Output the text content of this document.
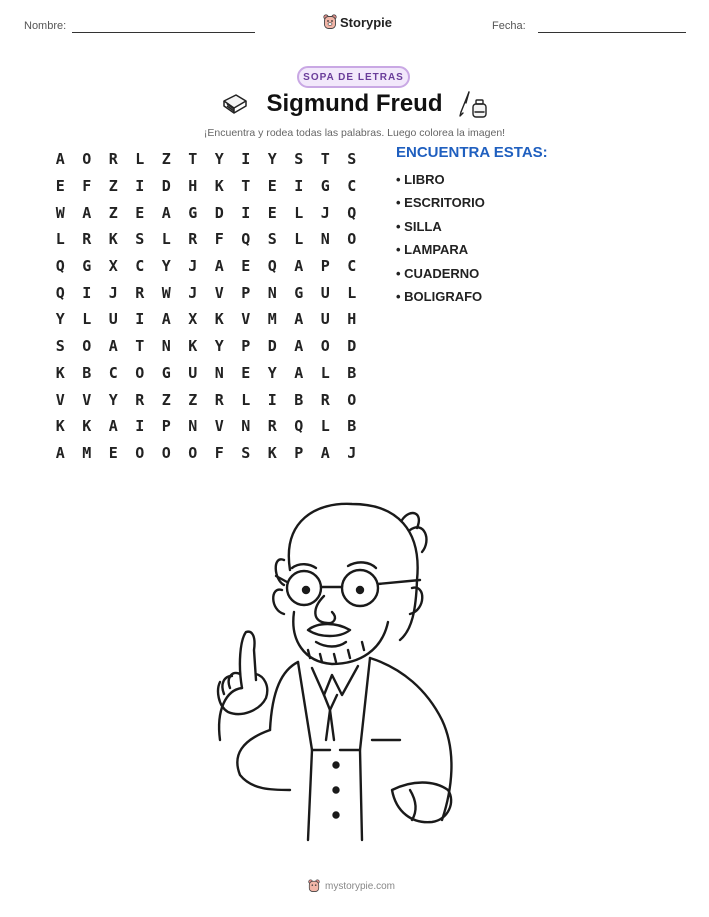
Nombre:	Storypie	Fecha:
SOPA DE LETRAS
Sigmund Freud
¡Encuentra y rodea todas las palabras. Luego colorea la imagen!
A	O	R	L	Z	T	Y	I	Y	S	T	S
E	F	Z	I	D	H	K	T	E	I	G	C
W	A	Z	E	A	G	D	I	E	L	J	Q
L	R	K	S	L	R	F	Q	S	L	N	O
Q	G	X	C	Y	J	A	E	Q	A	P	C
Q	I	J	R	W	J	V	P	N	G	U	L
Y	L	U	I	A	X	K	V	M	A	U	H
S	O	A	T	N	K	Y	P	D	A	O	D
K	B	C	O	G	U	N	E	Y	A	L	B
V	V	Y	R	Z	Z	R	L	I	B	R	O
K	K	A	I	P	N	V	N	R	Q	L	B
A	M	E	O	O	O	F	S	K	P	A	J
ENCUENTRA ESTAS:
• LIBRO
• ESCRITORIO
• SILLA
• LAMPARA
• CUADERNO
• BOLIGRAFO
mystorypie.com
